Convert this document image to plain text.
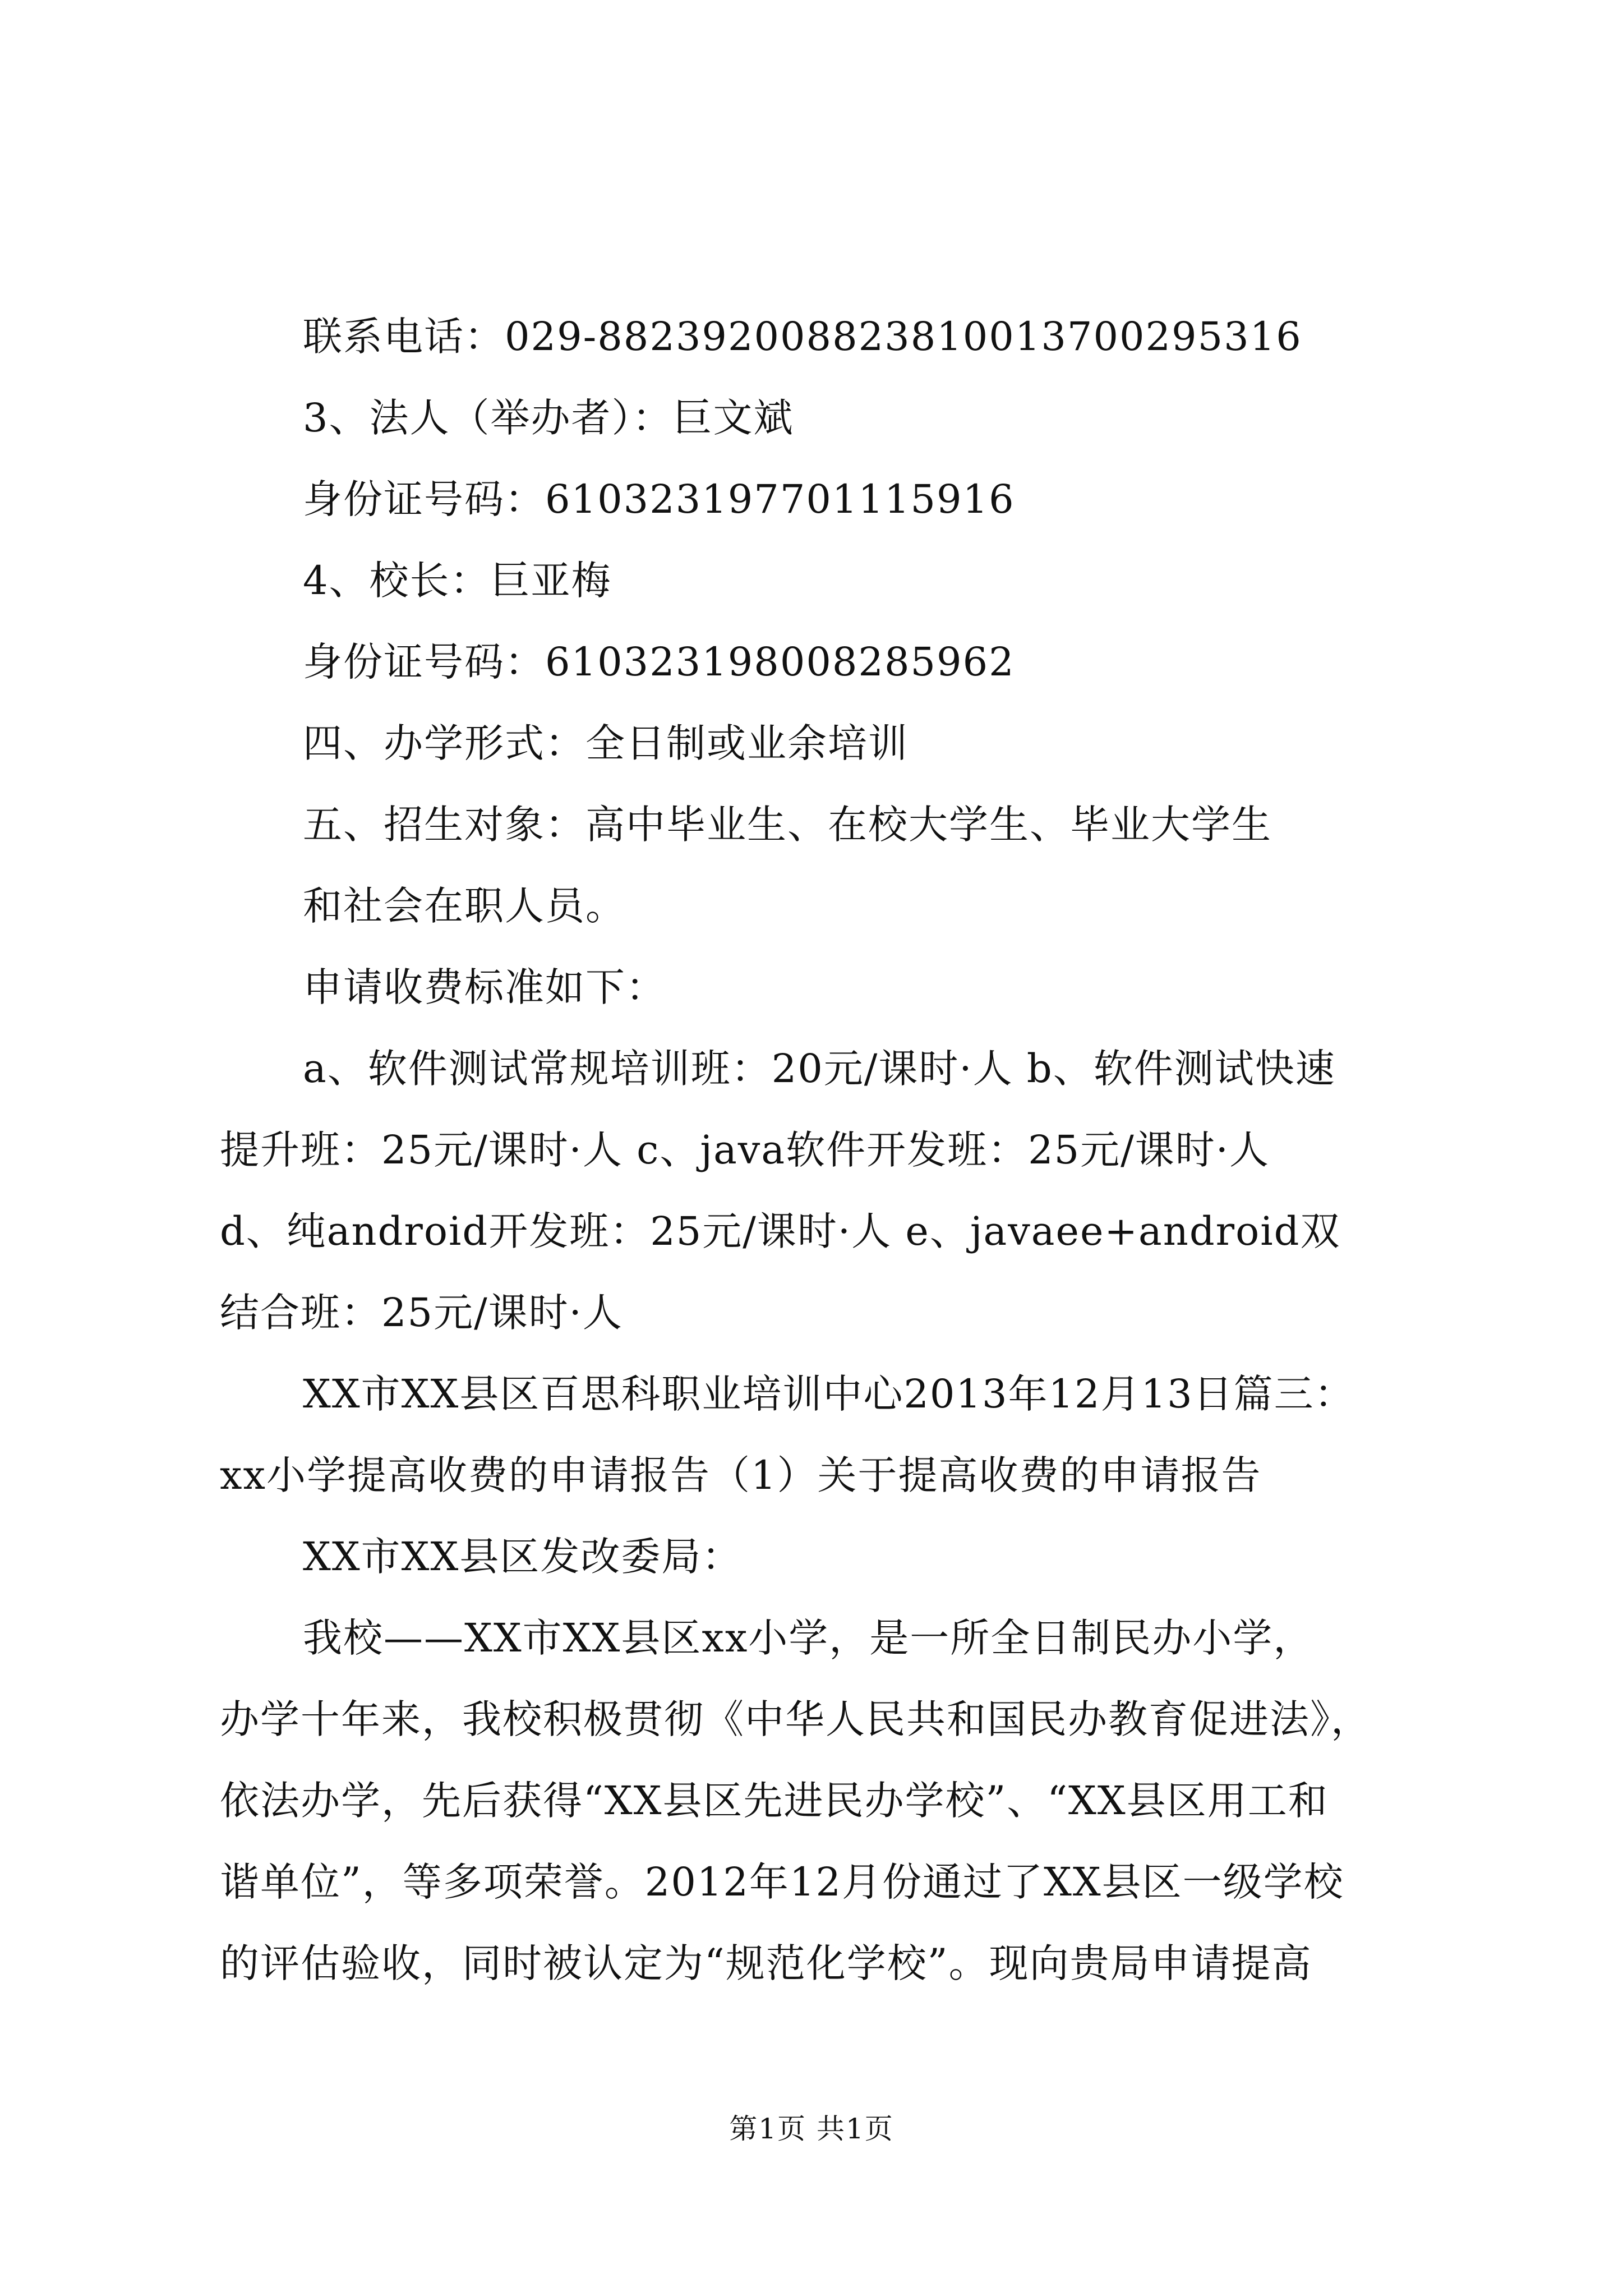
联系电话：029-88239200882381001370029531​6
3、法人（举办者）：巨文斌
身份证号码：610323197701115916
4、校长：巨亚梅
身份证号码：610323198008285962
四、办学形式：全日制或业余培训
五、招生对象：高中毕业生、在校大学生、毕业大学生
和社会在职人员。
申请收费标准如下：
a、软件测试常规培训班：20元/课时·人 b、软件测试快速
提升班：25元/课时·人 c、java软件开发班：25元/课时·人
d、纯android开发班：25元/课时·人 e、javaee+android双
结合班：25元/课时·人
XX市XX县区百思科职业培训中心2013年12月13日篇三：
xx小学提高收费的申请报告（1）关于提高收费的申请报告
XX市XX县区发改委局：
我校——XX市XX县区xx小学，是一所全日制民办小学，
办学十年来，我校积极贯彻《中华人民共和国民办教育促进法》，
依法办学，先后获得“XX县区先进民办学校”、“XX县区用工和
谐单位”，等多项荣誉。2012年12月份通过了XX县区一级学校
的评估验收，同时被认定为“规范化学校”。现向贵局申请提高
第1页 共1页
